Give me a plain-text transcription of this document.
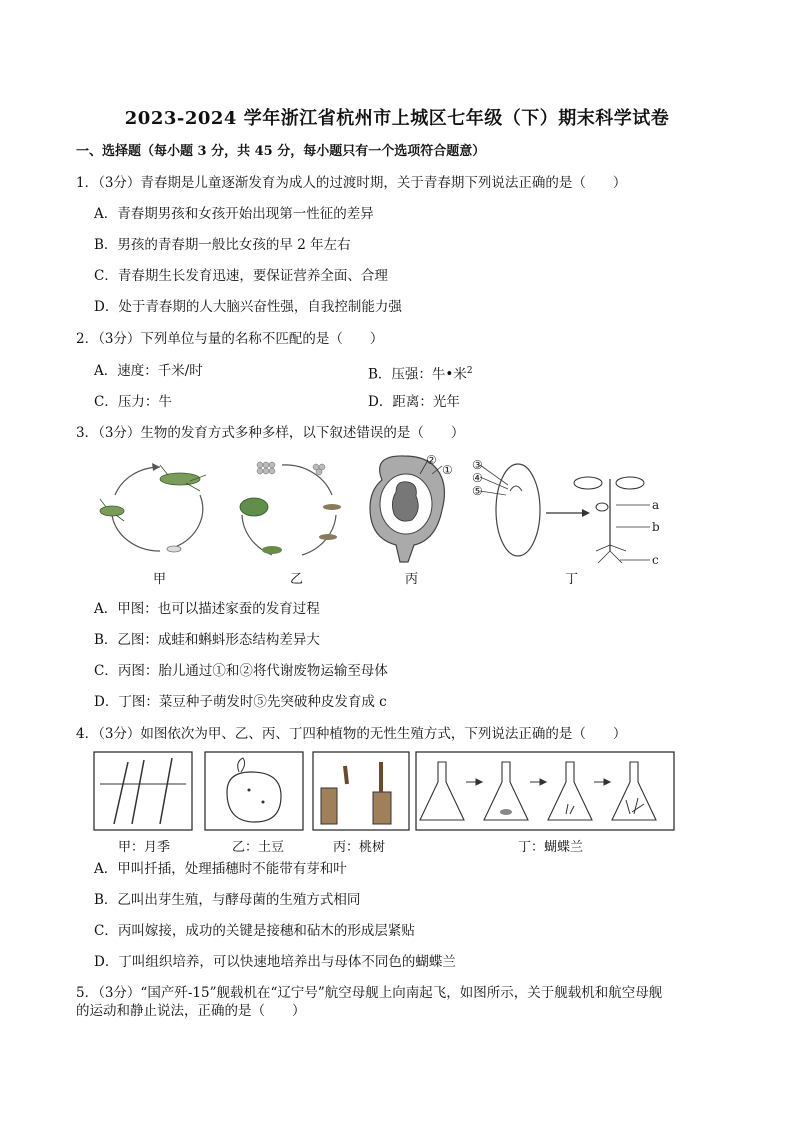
2023-2024 学年浙江省杭州市上城区七年级（下）期末科学试卷
一、选择题（每小题 3 分，共 45 分，每小题只有一个选项符合题意）
1．（3分）青春期是儿童逐渐发育为成人的过渡时期，关于青春期下列说法正确的是（　　）
A．青春期男孩和女孩开始出现第一性征的差异
B．男孩的青春期一般比女孩的早 2 年左右
C．青春期生长发育迅速，要保证营养全面、合理
D．处于青春期的人大脑兴奋性强，自我控制能力强
2．（3分）下列单位与量的名称不匹配的是（　　）
A．速度：千米/时	B．压强：牛•米$^2$
C．压力：牛	D．距离：光年
3．（3分）生物的发育方式多种多样，以下叙述错误的是（　　）
甲	乙
②
①
丙
③
④
⑤
a
b
c
丁
A．甲图：也可以描述家蚕的发育过程
B．乙图：成蛙和蝌蚪形态结构差异大
C．丙图：胎儿通过①和②将代谢废物运输至母体
D．丁图：菜豆种子萌发时⑤先突破种皮发育成 c
4．（3分）如图依次为甲、乙、丙、丁四种植物的无性生殖方式，下列说法正确的是（　　）
甲：月季	乙：土豆	丙：桃树	丁：蝴蝶兰
A．甲叫扦插，处理插穗时不能带有芽和叶
B．乙叫出芽生殖，与酵母菌的生殖方式相同
C．丙叫嫁接，成功的关键是接穗和砧木的形成层紧贴
D．丁叫组织培养，可以快速地培养出与母体不同色的蝴蝶兰
5．（3分）“国产歼-15”舰载机在“辽宁号”航空母舰上向南起飞，如图所示，关于舰载机和航空母舰
的运动和静止说法，正确的是（　　）
